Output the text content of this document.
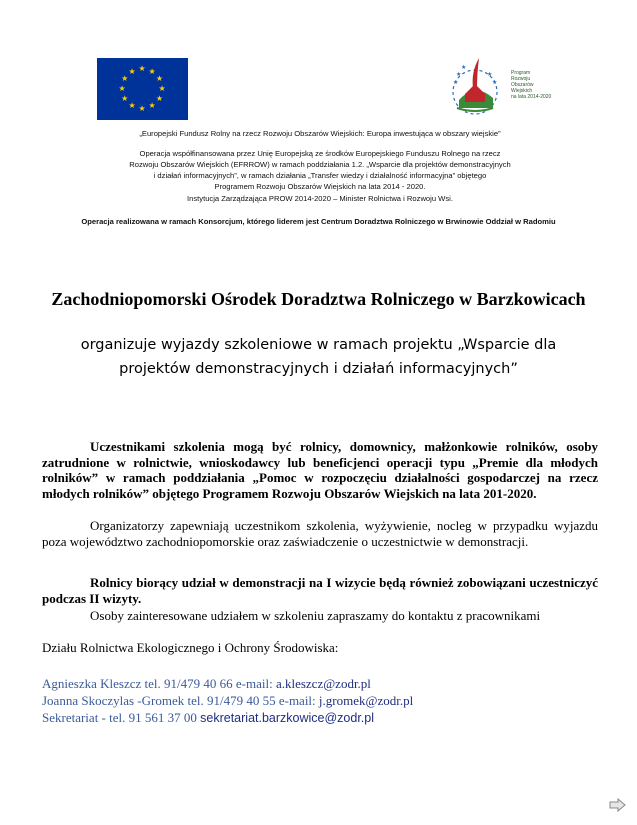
★ ★
★
★
★
★
★
★
★
★
★
★
★
★
★
★
★
Program
Rozwoju
Obszarów
Wiejskich
na lata 2014-2020
„Europejski Fundusz Rolny na rzecz Rozwoju Obszarów Wiejskich: Europa inwestująca w obszary wiejskie”
Operacja współfinansowana przez Unię Europejską ze środków Europejskiego Funduszu Rolnego na rzecz
Rozwoju Obszarów Wiejskich (EFRROW) w ramach poddziałania 1.2. „Wsparcie dla projektów demonstracyjnych
i działań informacyjnych”, w ramach działania „Transfer wiedzy i działalność informacyjna” objętego
Programem Rozwoju Obszarów Wiejskich na lata 2014 - 2020.
Instytucja Zarządzająca PROW 2014-2020 – Minister Rolnictwa i Rozwoju Wsi.
Operacja realizowana w ramach Konsorcjum, którego liderem jest Centrum Doradztwa Rolniczego w Brwinowie Oddział w Radomiu
Zachodniopomorski Ośrodek Doradztwa Rolniczego w Barzkowicach
organizuje wyjazdy szkoleniowe w ramach projektu „Wsparcie dla projektów demonstracyjnych i działań informacyjnych”
Uczestnikami szkolenia mogą być rolnicy, domownicy, małżonkowie rolników, osoby zatrudnione w rolnictwie, wnioskodawcy lub beneficjenci operacji typu „Premie dla młodych rolników” w ramach poddziałania „Pomoc w rozpoczęciu działalności gospodarczej na rzecz młodych rolników” objętego Programem Rozwoju Obszarów Wiejskich na lata 201-2020.
Organizatorzy zapewniają uczestnikom szkolenia, wyżywienie, nocleg w przypadku wyjazdu poza województwo zachodniopomorskie oraz zaświadczenie o uczestnictwie w demonstracji.
Rolnicy biorący udział w demonstracji na I wizycie będą również zobowiązani uczestniczyć podczas II wizyty.
Osoby zainteresowane udziałem w szkoleniu zapraszamy do kontaktu z pracownikami
Działu Rolnictwa Ekologicznego i Ochrony Środowiska:
Agnieszka Kleszcz tel. 91/479 40 66 e-mail: a.kleszcz@zodr.pl
Joanna Skoczylas -Gromek tel. 91/479 40 55 e-mail: j.gromek@zodr.pl
Sekretariat - tel. 91 561 37 00 sekretariat.barzkowice@zodr.pl
